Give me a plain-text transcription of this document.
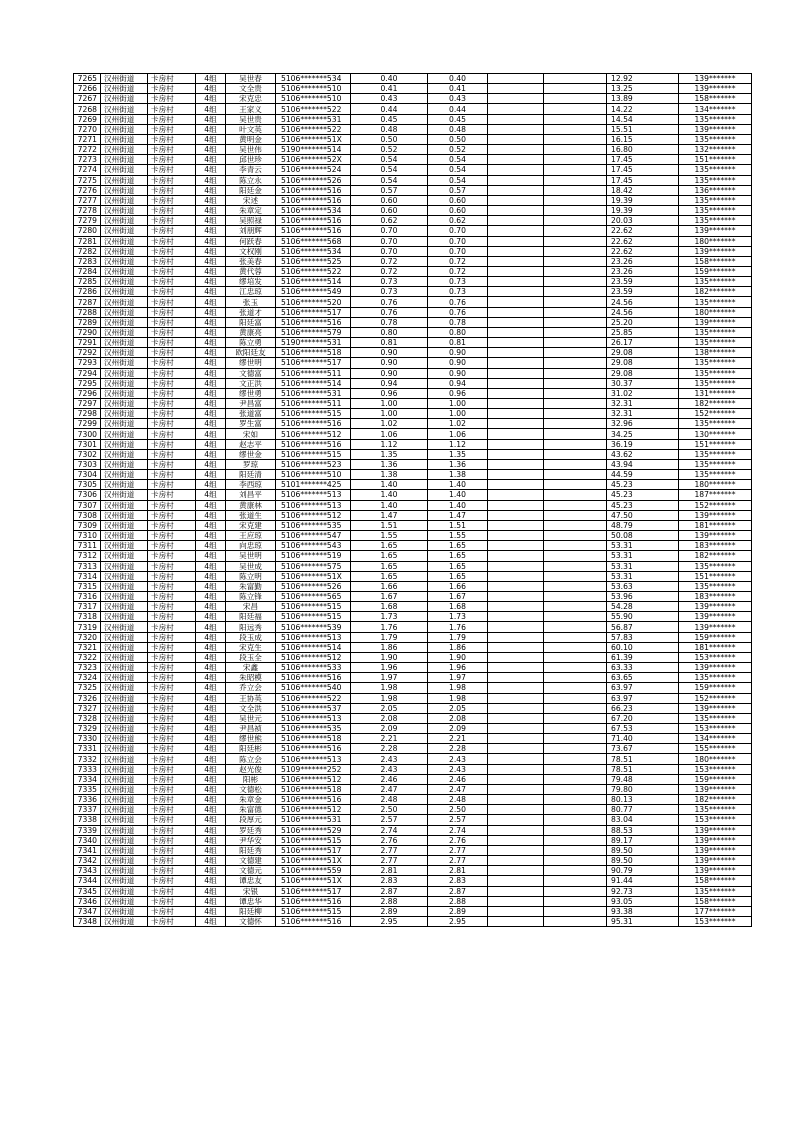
7265	汉州街道	卡房村	4组	吴世春	5106*******534	0.40	0.40			12.92	139*******
7266	汉州街道	卡房村	4组	文全贵	5106*******510	0.41	0.41			13.25	139*******
7267	汉州街道	卡房村	4组	宋克忠	5106*******510	0.43	0.43			13.89	158*******
7268	汉州街道	卡房村	4组	王家义	5106*******522	0.44	0.44			14.22	134*******
7269	汉州街道	卡房村	4组	吴世贵	5106*******531	0.45	0.45			14.54	135*******
7270	汉州街道	卡房村	4组	叶文英	5106*******522	0.48	0.48			15.51	139*******
7271	汉州街道	卡房村	4组	黄明金	5106*******51X	0.50	0.50			16.15	135*******
7272	汉州街道	卡房村	4组	吴世伟	5190*******514	0.52	0.52			16.80	132*******
7273	汉州街道	卡房村	4组	邱世珍	5106*******52X	0.54	0.54			17.45	151*******
7274	汉州街道	卡房村	4组	李青云	5106*******524	0.54	0.54			17.45	135*******
7275	汉州街道	卡房村	4组	陈立永	5106*******526	0.54	0.54			17.45	135*******
7276	汉州街道	卡房村	4组	阳廷金	5106*******516	0.57	0.57			18.42	136*******
7277	汉州街道	卡房村	4组	宋述	5106*******516	0.60	0.60			19.39	135*******
7278	汉州街道	卡房村	4组	朱章定	5106*******534	0.60	0.60			19.39	135*******
7279	汉州街道	卡房村	4组	吴照禄	5106*******516	0.62	0.62			20.03	135*******
7280	汉州街道	卡房村	4组	刘朋辉	5106*******516	0.70	0.70			22.62	139*******
7281	汉州街道	卡房村	4组	何跃春	5106*******568	0.70	0.70			22.62	180*******
7282	汉州街道	卡房村	4组	文权刚	5106*******534	0.70	0.70			22.62	139*******
7283	汉州街道	卡房村	4组	张美春	5106*******525	0.72	0.72			23.26	158*******
7284	汉州街道	卡房村	4组	黄代蓉	5106*******522	0.72	0.72			23.26	159*******
7285	汉州街道	卡房村	4组	缪培发	5106*******514	0.73	0.73			23.59	135*******
7286	汉州街道	卡房村	4组	江忠琼	5106*******549	0.73	0.73			23.59	182*******
7287	汉州街道	卡房村	4组	张玉	5106*******520	0.76	0.76			24.56	135*******
7288	汉州街道	卡房村	4组	张道才	5106*******517	0.76	0.76			24.56	180*******
7289	汉州街道	卡房村	4组	阳廷富	5106*******516	0.78	0.78			25.20	139*******
7290	汉州街道	卡房村	4组	黄康亮	5106*******579	0.80	0.80			25.85	135*******
7291	汉州街道	卡房村	4组	陈立勇	5190*******531	0.81	0.81			26.17	135*******
7292	汉州街道	卡房村	4组	欧阳廷友	5106*******518	0.90	0.90			29.08	138*******
7293	汉州街道	卡房村	4组	缪世明	5106*******517	0.90	0.90			29.08	135*******
7294	汉州街道	卡房村	4组	文德富	5106*******511	0.90	0.90			29.08	135*******
7295	汉州街道	卡房村	4组	文正洪	5106*******514	0.94	0.94			30.37	135*******
7296	汉州街道	卡房村	4组	缪世勇	5106*******531	0.96	0.96			31.02	131*******
7297	汉州街道	卡房村	4组	尹昌富	5106*******511	1.00	1.00			32.31	182*******
7298	汉州街道	卡房村	4组	张道富	5106*******515	1.00	1.00			32.31	152*******
7299	汉州街道	卡房村	4组	罗生富	5106*******516	1.02	1.02			32.96	135*******
7300	汉州街道	卡房村	4组	宋如	5106*******512	1.06	1.06			34.25	130*******
7301	汉州街道	卡房村	4组	赵志平	5106*******516	1.12	1.12			36.19	151*******
7302	汉州街道	卡房村	4组	缪世金	5106*******515	1.35	1.35			43.62	135*******
7303	汉州街道	卡房村	4组	罗琼	5106*******523	1.36	1.36			43.94	135*******
7304	汉州街道	卡房村	4组	阳廷清	5106*******510	1.38	1.38			44.59	135*******
7305	汉州街道	卡房村	4组	李西琼	5101*******425	1.40	1.40			45.23	180*******
7306	汉州街道	卡房村	4组	刘昌平	5106*******513	1.40	1.40			45.23	187*******
7307	汉州街道	卡房村	4组	黄康林	5106*******513	1.40	1.40			45.23	152*******
7308	汉州街道	卡房村	4组	张道生	5106*******512	1.47	1.47			47.50	139*******
7309	汉州街道	卡房村	4组	宋克建	5106*******535	1.51	1.51			48.79	181*******
7310	汉州街道	卡房村	4组	王应琼	5106*******547	1.55	1.55			50.08	139*******
7311	汉州街道	卡房村	4组	向忠琼	5106*******543	1.65	1.65			53.31	183*******
7312	汉州街道	卡房村	4组	吴世明	5106*******519	1.65	1.65			53.31	182*******
7313	汉州街道	卡房村	4组	吴世成	5106*******575	1.65	1.65			53.31	135*******
7314	汉州街道	卡房村	4组	陈立明	5106*******51X	1.65	1.65			53.31	151*******
7315	汉州街道	卡房村	4组	朱富勤	5106*******526	1.66	1.66			53.63	135*******
7316	汉州街道	卡房村	4组	陈立锋	5106*******565	1.67	1.67			53.96	183*******
7317	汉州街道	卡房村	4组	宋昌	5106*******515	1.68	1.68			54.28	139*******
7318	汉州街道	卡房村	4组	阳廷福	5106*******515	1.73	1.73			55.90	139*******
7319	汉州街道	卡房村	4组	阳远秀	5106*******539	1.76	1.76			56.87	139*******
7320	汉州街道	卡房村	4组	段玉成	5106*******513	1.79	1.79			57.83	159*******
7321	汉州街道	卡房村	4组	宋克生	5106*******514	1.86	1.86			60.10	181*******
7322	汉州街道	卡房村	4组	段玉全	5106*******512	1.90	1.90			61.39	153*******
7323	汉州街道	卡房村	4组	宋鑫	5106*******533	1.96	1.96			63.33	139*******
7324	汉州街道	卡房村	4组	朱昭模	5106*******516	1.97	1.97			63.65	135*******
7325	汉州街道	卡房村	4组	乔立会	5106*******540	1.98	1.98			63.97	159*******
7326	汉州街道	卡房村	4组	王协英	5106*******522	1.98	1.98			63.97	152*******
7327	汉州街道	卡房村	4组	文全洪	5106*******537	2.05	2.05			66.23	139*******
7328	汉州街道	卡房村	4组	吴世元	5106*******513	2.08	2.08			67.20	135*******
7329	汉州街道	卡房村	4组	尹昌祯	5106*******535	2.09	2.09			67.53	153*******
7330	汉州街道	卡房村	4组	缪世熊	5106*******518	2.21	2.21			71.40	134*******
7331	汉州街道	卡房村	4组	阳廷彬	5106*******516	2.28	2.28			73.67	155*******
7332	汉州街道	卡房村	4组	陈立会	5106*******513	2.43	2.43			78.51	180*******
7333	汉州街道	卡房村	4组	赵光俊	5109*******252	2.43	2.43			78.51	153*******
7334	汉州街道	卡房村	4组	阳彬	5106*******512	2.46	2.46			79.48	159*******
7335	汉州街道	卡房村	4组	文德松	5106*******518	2.47	2.47			79.80	139*******
7336	汉州街道	卡房村	4组	朱章金	5106*******516	2.48	2.48			80.13	182*******
7337	汉州街道	卡房村	4组	朱富德	5106*******512	2.50	2.50			80.77	135*******
7338	汉州街道	卡房村	4组	段厚元	5106*******531	2.57	2.57			83.04	153*******
7339	汉州街道	卡房村	4组	罗廷秀	5106*******529	2.74	2.74			88.53	139*******
7340	汉州街道	卡房村	4组	尹华安	5106*******515	2.76	2.76			89.17	139*******
7341	汉州街道	卡房村	4组	阳廷秀	5106*******517	2.77	2.77			89.50	139*******
7342	汉州街道	卡房村	4组	文德建	5106*******51X	2.77	2.77			89.50	139*******
7343	汉州街道	卡房村	4组	文德元	5106*******559	2.81	2.81			90.79	139*******
7344	汉州街道	卡房村	4组	谭忠友	5106*******51X	2.83	2.83			91.44	158*******
7345	汉州街道	卡房村	4组	宋银	5106*******517	2.87	2.87			92.73	135*******
7346	汉州街道	卡房村	4组	谭忠华	5106*******516	2.88	2.88			93.05	158*******
7347	汉州街道	卡房村	4组	阳廷柳	5106*******515	2.89	2.89			93.38	177*******
7348	汉州街道	卡房村	4组	文德怀	5106*******516	2.95	2.95			95.31	153*******
